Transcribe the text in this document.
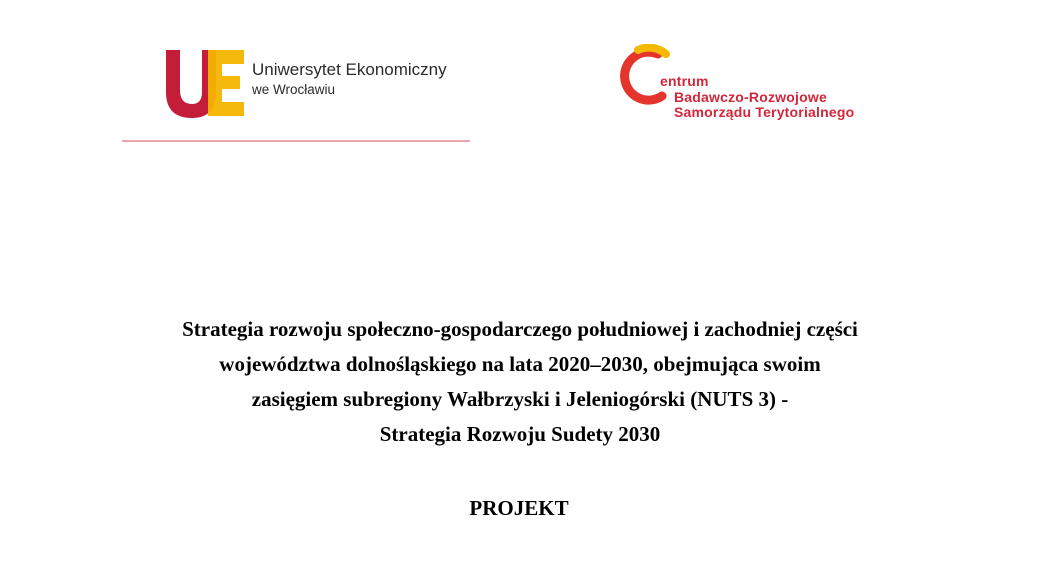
Uniwersytet Ekonomiczny
we Wrocławiu
entrum
Badawczo-Rozwojowe
Samorządu Terytorialnego
Strategia rozwoju społeczno-gospodarczego południowej i zachodniej części
województwa dolnośląskiego na lata 2020–2030, obejmująca swoim
zasięgiem subregiony Wałbrzyski i Jeleniogórski (NUTS 3) -
Strategia Rozwoju Sudety 2030
PROJEKT
